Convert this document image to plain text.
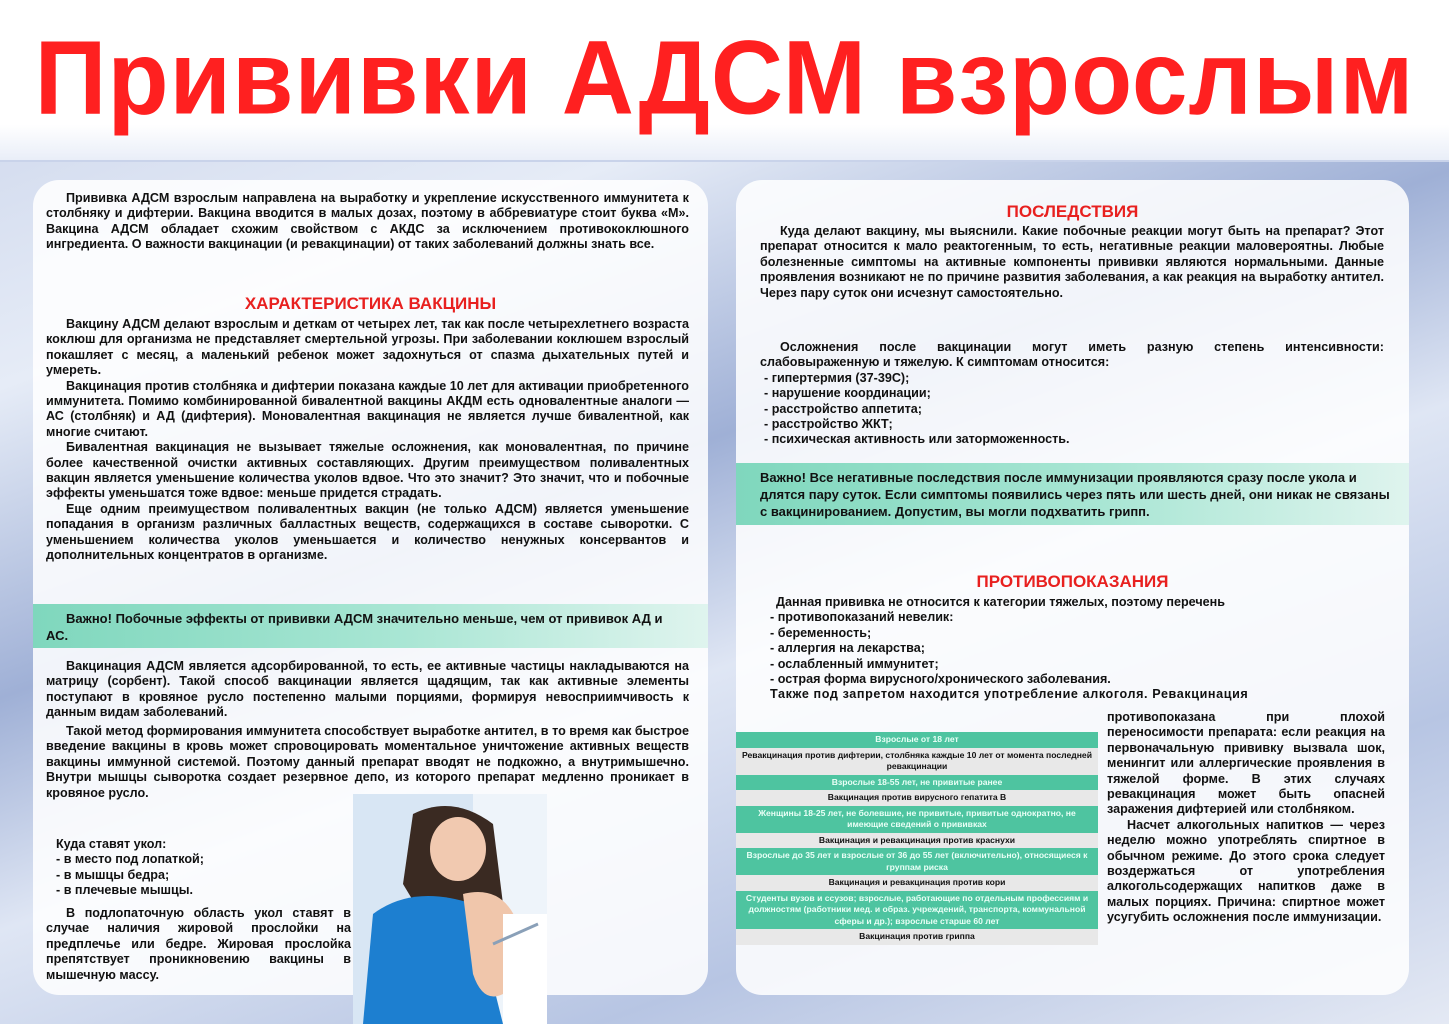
Прививки АДСМ взрослым

Прививка АДСМ взрослым направлена на выработку и укрепление искусственного иммунитета к столбняку и дифтерии. Вакцина вводится в малых дозах, поэтому в аббревиатуре стоит буква «М». Вакцина АДСМ обладает схожим свойством с АКДС за исключением противококлюшного ингредиента. О важности вакцинации (и ревакцинации) от таких заболеваний должны знать все.

ХАРАКТЕРИСТИКА ВАКЦИНЫ

Вакцину АДСМ делают взрослым и деткам от четырех лет, так как после четырехлетнего возраста коклюш для организма не представляет смертельной угрозы. При заболевании коклюшем взрослый покашляет с месяц, а маленький ребенок может задохнуться от спазма дыхательных путей и умереть.

Вакцинация против столбняка и дифтерии показана каждые 10 лет для активации приобретенного иммунитета. Помимо комбинированной бивалентной вакцины АКДМ есть одновалентные аналоги — АС (столбняк) и АД (дифтерия). Моновалентная вакцинация не является лучше бивалентной, как многие считают.

Бивалентная вакцинация не вызывает тяжелые осложнения, как моновалентная, по причине более качественной очистки активных составляющих. Другим преимуществом поливалентных вакцин является уменьшение количества уколов вдвое. Что это значит? Это значит, что и побочные эффекты уменьшатся тоже вдвое: меньше придется страдать.

Еще одним преимуществом поливалентных вакцин (не только АДСМ) является уменьшение попадания в организм различных балластных веществ, содержащихся в составе сыворотки. С уменьшением количества уколов уменьшается и количество ненужных консервантов и дополнительных концентратов в организме.

Важно! Побочные эффекты от прививки АДСМ значительно меньше, чем от прививок АД и АС.

Вакцинация АДСМ является адсорбированной, то есть, ее активные частицы накладываются на матрицу (сорбент). Такой способ вакцинации является щадящим, так как активные элементы поступают в кровяное русло постепенно малыми порциями, формируя невосприимчивость к данным видам заболеваний.

Такой метод формирования иммунитета способствует выработке антител, в то время как быстрое введение вакцины в кровь может спровоцировать моментальное уничтожение активных веществ вакцины иммунной системой. Поэтому данный препарат вводят не подкожно, а внутримышечно. Внутри мышцы сыворотка создает резервное депо, из которого препарат медленно проникает в кровяное русло.

Куда ставят укол:
- в место под лопаткой;
- в мышцы бедра;
- в плечевые мышцы.

В подлопаточную область укол ставят в случае наличия жировой прослойки на предплечье или бедре. Жировая прослойка препятствует проникновению вакцины в мышечную массу.

ПОСЛЕДСТВИЯ

Куда делают вакцину, мы выяснили. Какие побочные реакции могут быть на препарат? Этот препарат относится к мало реактогенным, то есть, негативные реакции маловероятны. Любые болезненные симптомы на активные компоненты прививки являются нормальными. Данные проявления возникают не по причине развития заболевания, а как реакция на выработку антител. Через пару суток они исчезнут самостоятельно.

Осложнения после вакцинации могут иметь разную степень интенсивности: слабовыраженную и тяжелую. К симптомам относится:

- гипертермия (37-39С);
- нарушение координации;
- расстройство аппетита;
- расстройство ЖКТ;
- психическая активность или заторможенность.
Важно! Все негативные последствия после иммунизации проявляются сразу после укола и длятся пару суток. Если симптомы появились через пять или шесть дней, они никак не связаны с вакцинированием. Допустим, вы могли подхватить грипп.
ПРОТИВОПОКАЗАНИЯ
Данная прививка не относится к категории тяжелых, поэтому перечень
- противопоказаний невелик:
- беременность;
- аллергия на лекарства;
- ослабленный иммунитет;
- острая форма вирусного/хронического заболевания.
Также под запретом находится употребление алкоголя. Ревакцинация

противопоказана при плохой переносимости препарата: если реакция на первоначальную прививку вызвала шок, менингит или аллергические проявления в тяжелой форме. В этих случаях ревакцинация может быть опасней заражения дифтерией или столбняком.

Насчет алкогольных напитков — через неделю можно употреблять спиртное в обычном режиме. До этого срока следует воздержаться от употребления алкогольсодержащих напитков даже в малых порциях. Причина: спиртное может усугубить осложнения после иммунизации.

Взрослые от 18 лет
Ревакцинация против дифтерии, столбняка каждые 10 лет от момента последней ревакцинации
Взрослые 18-55 лет, не привитые ранее
Вакцинация против вирусного гепатита В
Женщины 18-25 лет, не болевшие, не привитые, привитые однократно, не имеющие сведений о прививках
Вакцинация и ревакцинация против краснухи
Взрослые до 35 лет и взрослые от 36 до 55 лет (включительно), относящиеся к группам риска
Вакцинация и ревакцинация против кори
Студенты вузов и ссузов; взрослые, работающие по отдельным профессиям и должностям (работники мед. и образ. учреждений, транспорта, коммунальной сферы и др.); взрослые старше 60 лет
Вакцинация против гриппа
